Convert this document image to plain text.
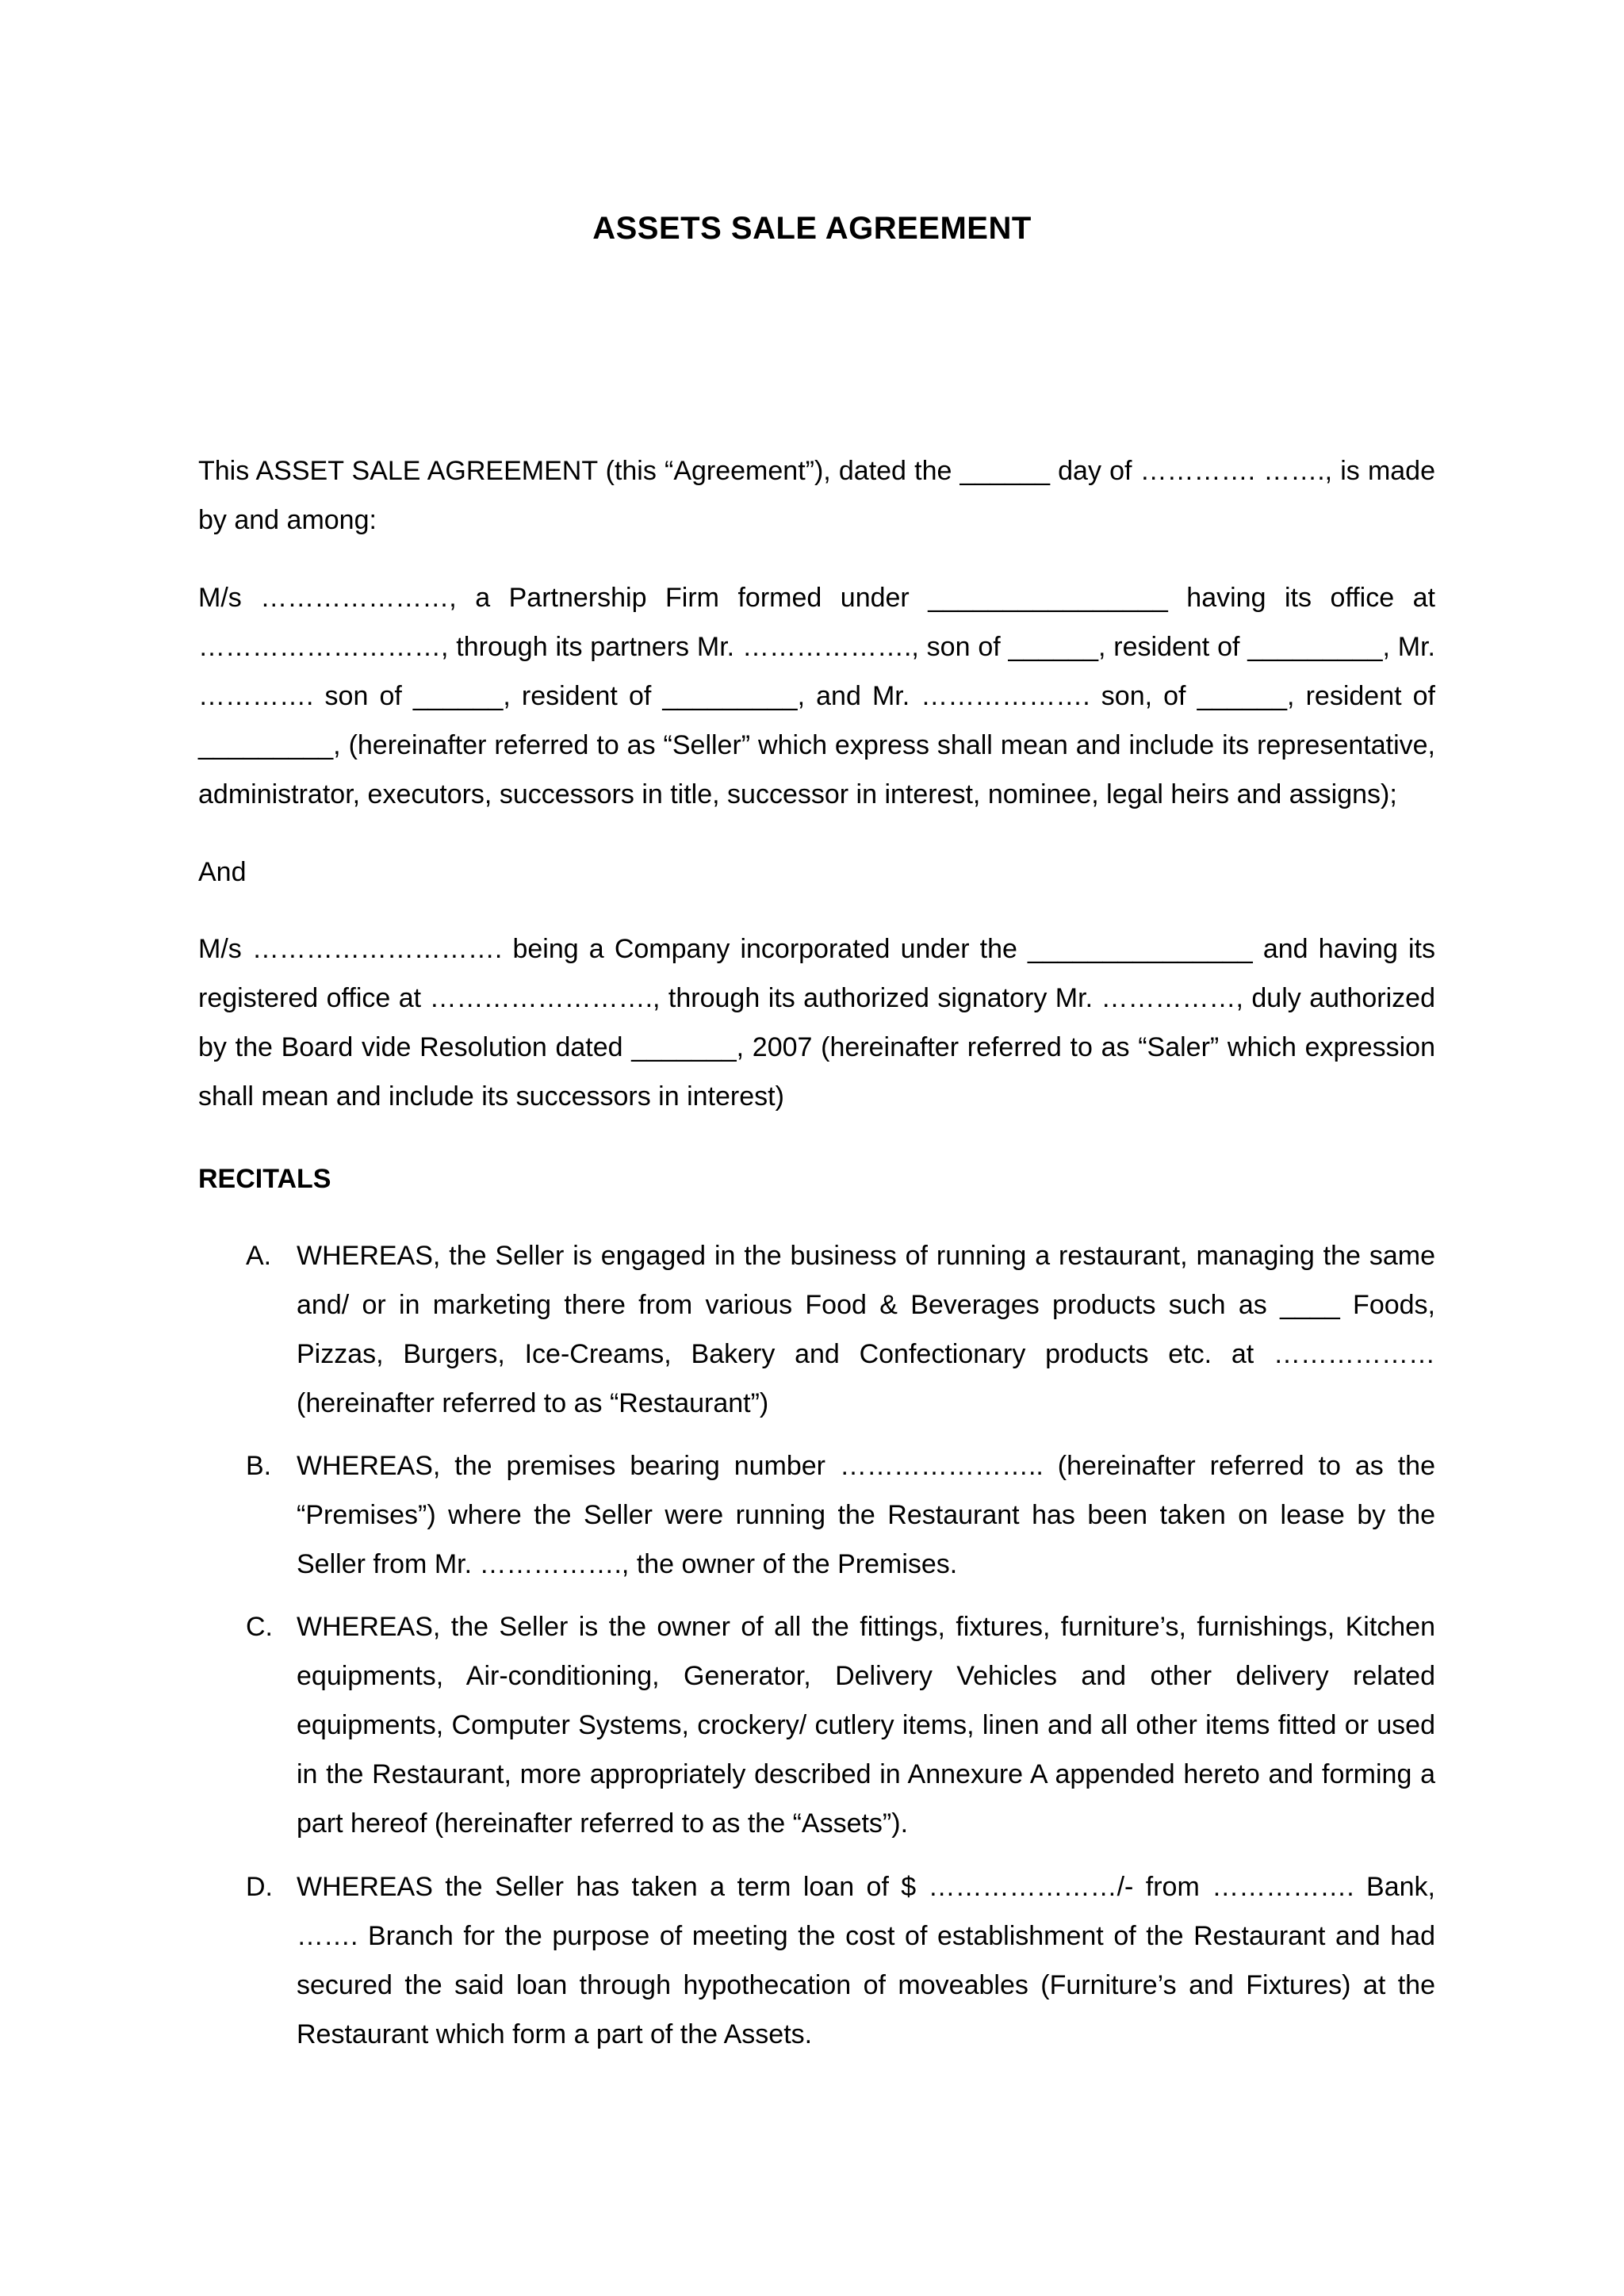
ASSETS SALE AGREEMENT

This ASSET SALE AGREEMENT (this “Agreement”), dated the ______ day of …………. ……., is made by and among:

M/s …………………, a Partnership Firm formed under ________________ having its office at ………………………, through its partners Mr. ………………., son of ______, resident of _________, Mr. …………. son of ______, resident of _________, and Mr. ………………. son, of ______, resident of _________, (hereinafter referred to as “Seller” which express shall mean and include its representative, administrator, executors, successors in title, successor in interest, nominee, legal heirs and assigns);

And

M/s ………………………. being a Company incorporated under the _______________ and having its registered office at ……………………., through its authorized signatory Mr. ……………, duly authorized by the Board vide Resolution dated _______, 2007 (hereinafter referred to as “Saler” which expression shall mean and include its successors in interest)

RECITALS
A. WHEREAS, the Seller is engaged in the business of running a restaurant, managing the same and/ or in marketing there from various Food & Beverages products such as ____ Foods, Pizzas, Burgers, Ice-Creams, Bakery and Confectionary products etc. at ……………… (hereinafter referred to as “Restaurant”)
B. WHEREAS, the premises bearing number ………………….. (hereinafter referred to as the “Premises”) where the Seller were running the Restaurant has been taken on lease by the Seller from Mr. ……………., the owner of the Premises.
C. WHEREAS, the Seller is the owner of all the fittings, fixtures, furniture’s, furnishings, Kitchen equipments, Air-conditioning, Generator, Delivery Vehicles and other delivery related equipments, Computer Systems, crockery/ cutlery items, linen and all other items fitted or used in the Restaurant, more appropriately described in Annexure A appended hereto and forming a part hereof (hereinafter referred to as the “Assets”).
D. WHEREAS the Seller has taken a term loan of $ …………………/- from ……………. Bank, ……. Branch for the purpose of meeting the cost of establishment of the Restaurant and had secured the said loan through hypothecation of moveables (Furniture’s and Fixtures) at the Restaurant which form a part of the Assets.
